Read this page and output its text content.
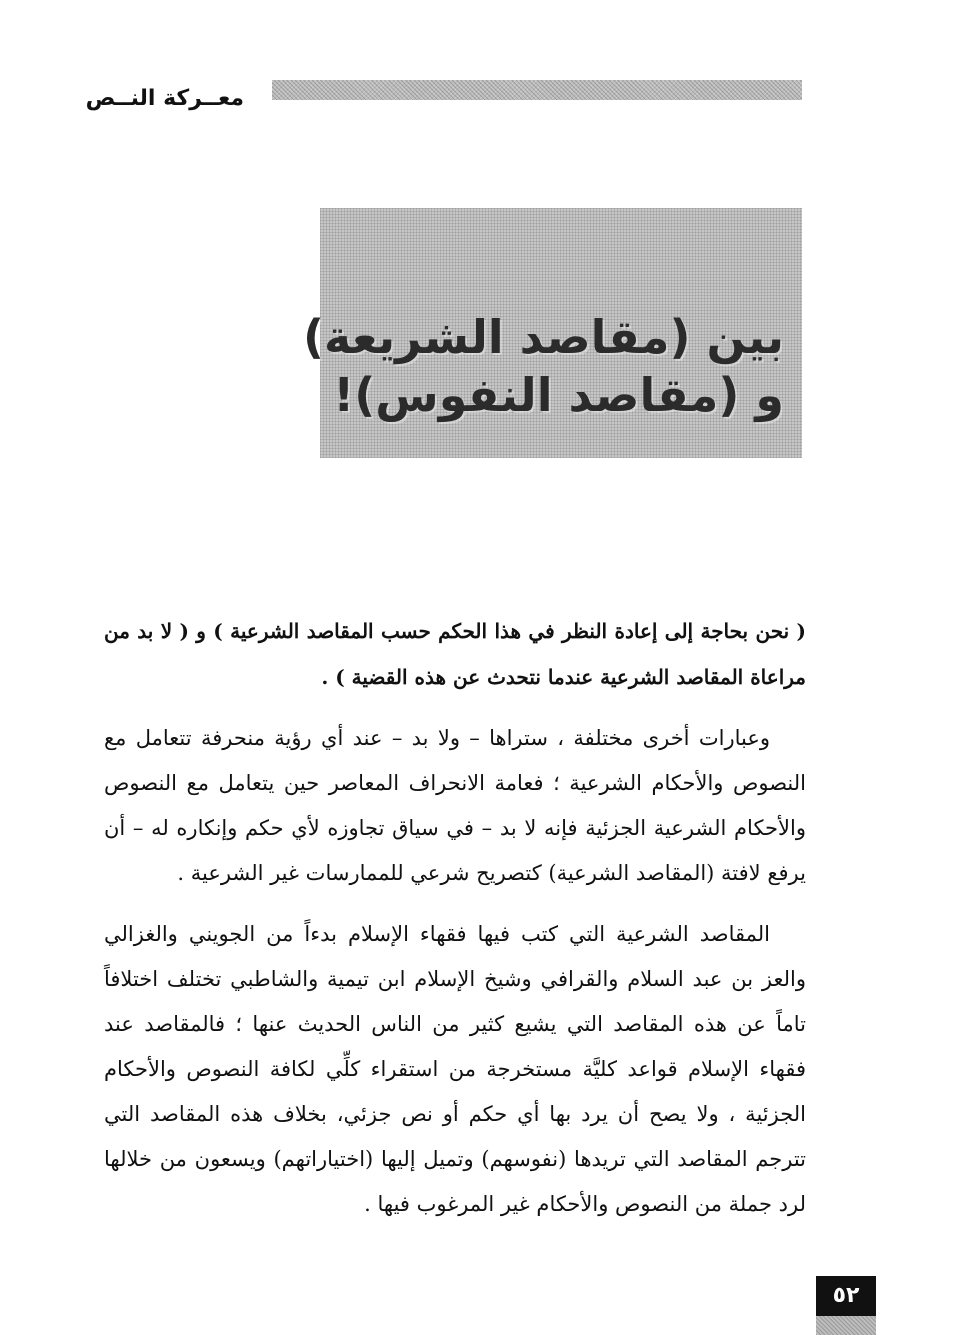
معــركة النــص
بين (مقاصد الشريعة)
و (مقاصد النفوس)!

( نحن بحاجة إلى إعادة النظر في هذا الحكم حسب المقاصد الشرعية ) و ( لا بد من مراعاة المقاصد الشرعية عندما نتحدث عن هذه القضية ) .

وعبارات أخرى مختلفة ، ستراها – ولا بد – عند أي رؤية منحرفة تتعامل مع النصوص والأحكام الشرعية ؛ فعامة الانحراف المعاصر حين يتعامل مع النصوص والأحكام الشرعية الجزئية فإنه لا بد – في سياق تجاوزه لأي حكم وإنكاره له – أن يرفع لافتة (المقاصد الشرعية) كتصريح شرعي للممارسات غير الشرعية .

المقاصد الشرعية التي كتب فيها فقهاء الإسلام بدءاً من الجويني والغزالي والعز بن عبد السلام والقرافي وشيخ الإسلام ابن تيمية والشاطبي تختلف اختلافاً تاماً عن هذه المقاصد التي يشيع كثير من الناس الحديث عنها ؛ فالمقاصد عند فقهاء الإسلام قواعد كليَّة مستخرجة من استقراء كلِّي لكافة النصوص والأحكام الجزئية ، ولا يصح أن يرد بها أي حكم أو نص جزئي، بخلاف هذه المقاصد التي تترجم المقاصد التي تريدها (نفوسهم) وتميل إليها (اختياراتهم) ويسعون من خلالها لرد جملة من النصوص والأحكام غير المرغوب فيها .

٥٢
